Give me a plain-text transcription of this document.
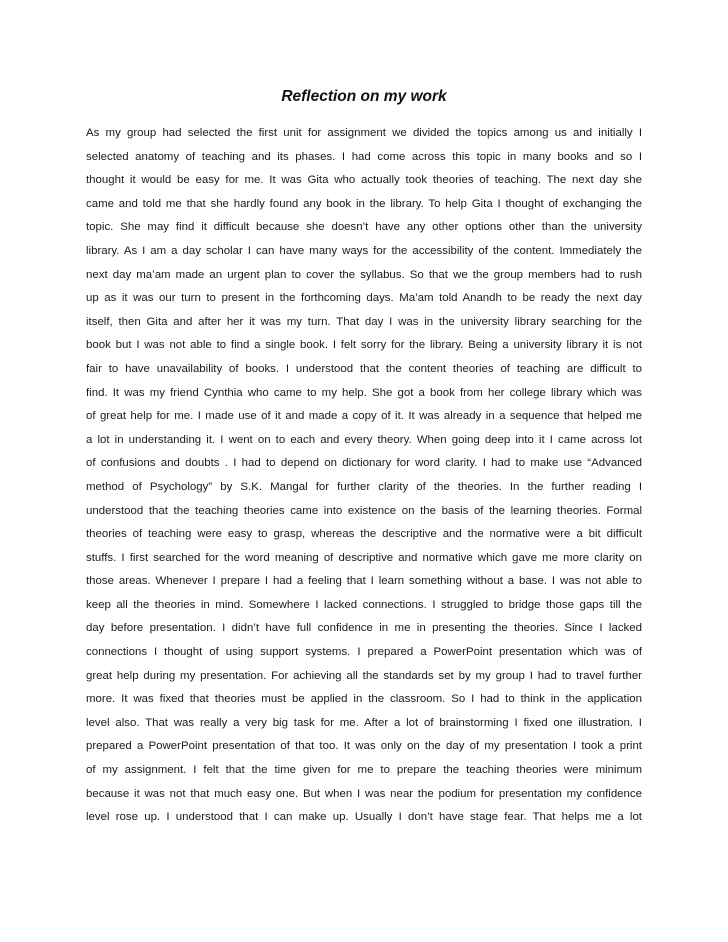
Reflection on my work
As my group had selected the first unit for assignment we divided the topics among us and initially I
selected anatomy of teaching and its phases. I had come across this topic in many books and so I
thought it would be easy for me. It was Gita who actually took theories of teaching. The next day she
came and told me that she hardly found any book in the library. To help Gita I thought of exchanging the
topic. She may find it difficult because she doesn’t have any other options other than the university
library. As I am a day scholar I can have many ways for the accessibility of the content. Immediately the
next day ma’am made an urgent plan to cover the syllabus. So that we the group members had to rush
up as it was our turn to present in the forthcoming days. Ma’am told Anandh to be ready the next day
itself, then Gita and after her it was my turn. That day I was in the university library searching for the
book but I was not able to find a single book. I felt sorry for the library. Being a university library it is not
fair to have unavailability of books. I understood that the content theories of teaching are difficult to
find. It was my friend Cynthia who came to my help. She got a book from her college library which was
of great help for me. I made use of it and made a copy of it. It was already in a sequence that helped me
a lot in understanding it. I went on to each and every theory. When going deep into it I came across lot
of confusions and doubts . I had to depend on dictionary for word clarity. I had to make use “Advanced
method of Psychology” by S.K. Mangal for further clarity of the theories. In the further reading I
understood that the teaching theories came into existence on the basis of the learning theories. Formal
theories of teaching were easy to grasp, whereas the descriptive and the normative were a bit difficult
stuffs. I first searched for the word meaning of descriptive and normative which gave me more clarity on
those areas. Whenever I prepare I had a feeling that I learn something without a base. I was not able to
keep all the theories in mind. Somewhere I lacked connections. I struggled to bridge those gaps till the
day before presentation. I didn’t have full confidence in me in presenting the theories. Since I lacked
connections I thought of using support systems. I prepared a PowerPoint presentation which was of
great help during my presentation. For achieving all the standards set by my group I had to travel further
more. It was fixed that theories must be applied in the classroom. So I had to think in the application
level also. That was really a very big task for me. After a lot of brainstorming I fixed one illustration. I
prepared a PowerPoint presentation of that too. It was only on the day of my presentation I took a print
of my assignment. I felt that the time given for me to prepare the teaching theories were minimum
because it was not that much easy one. But when I was near the podium for presentation my confidence
level rose up. I understood that I can make up. Usually I don’t have stage fear. That helps me a lot
